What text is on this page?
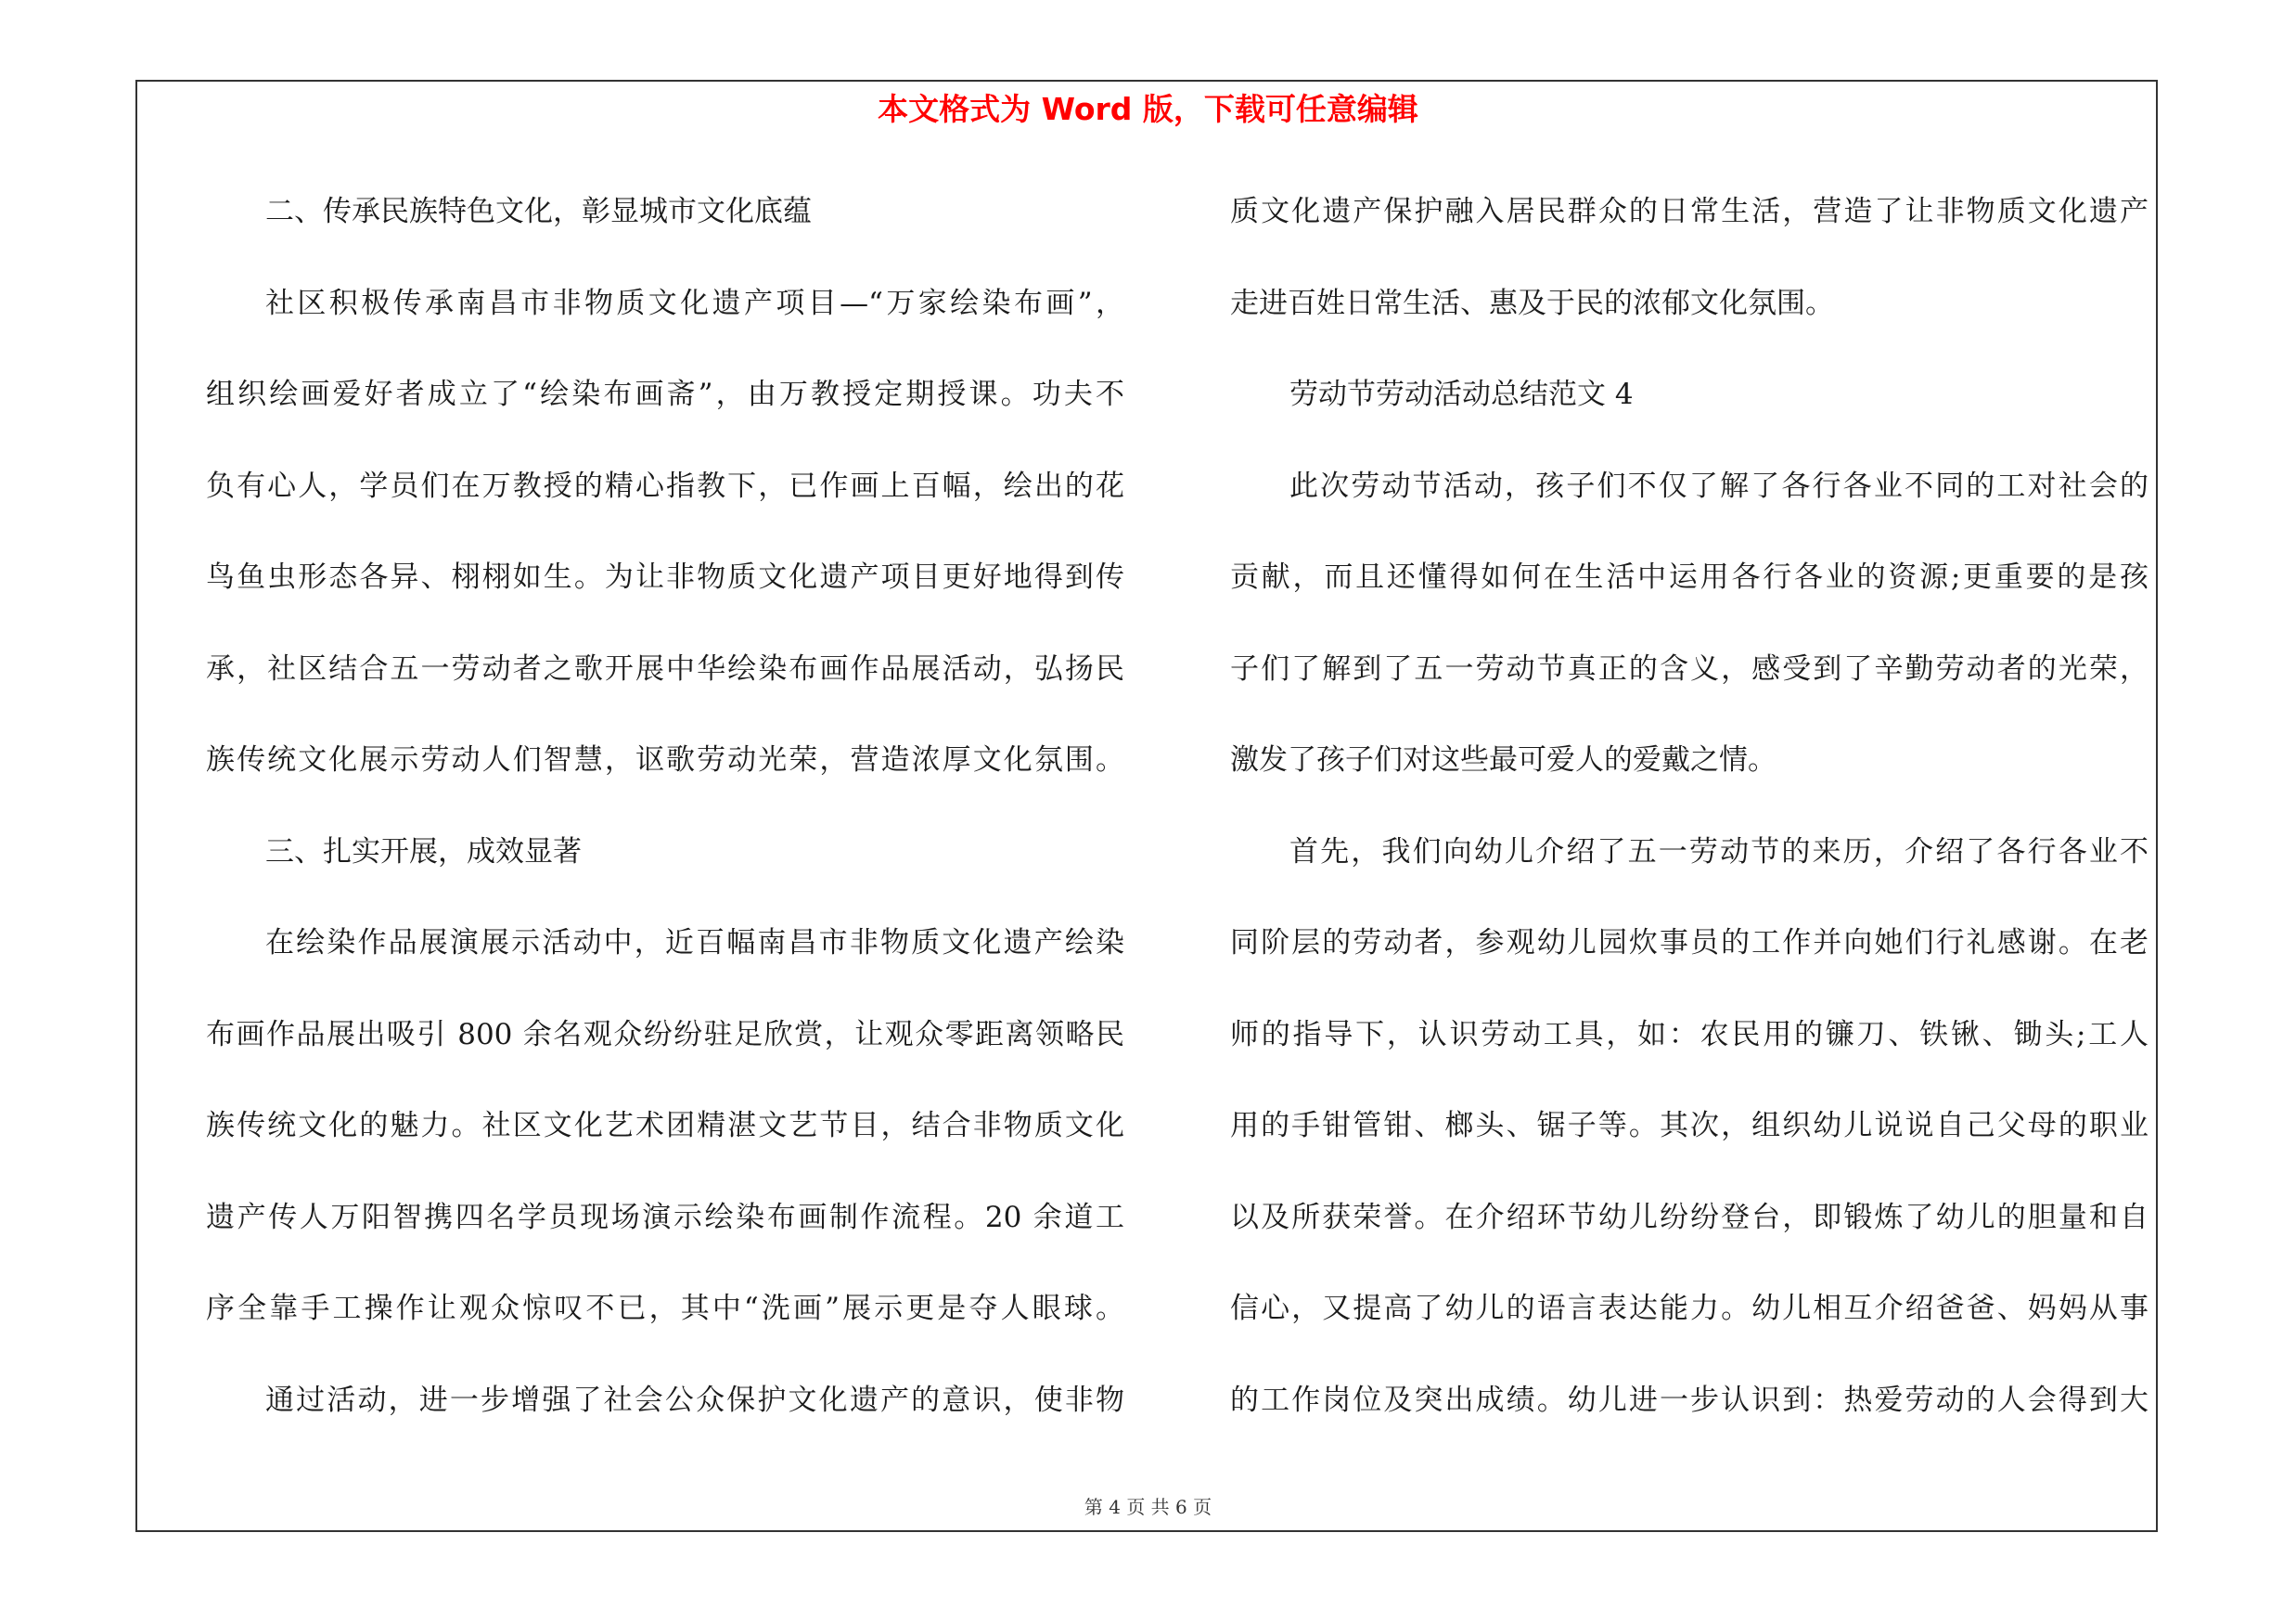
本文格式为 Word 版，下载可任意编辑
二、传承民族特色文化，彰显城市文化底蕴
社区积极传承南昌市非物质文化遗产项目—“万家绘染布画”，
组织绘画爱好者成立了“绘染布画斋”，由万教授定期授课。功夫不
负有心人，学员们在万教授的精心指教下，已作画上百幅，绘出的花
鸟鱼虫形态各异、栩栩如生。为让非物质文化遗产项目更好地得到传
承，社区结合五一劳动者之歌开展中华绘染布画作品展活动，弘扬民
族传统文化展示劳动人们智慧，讴歌劳动光荣，营造浓厚文化氛围。
三、扎实开展，成效显著
在绘染作品展演展示活动中，近百幅南昌市非物质文化遗产绘染
布画作品展出吸引 800 余名观众纷纷驻足欣赏，让观众零距离领略民
族传统文化的魅力。社区文化艺术团精湛文艺节目，结合非物质文化
遗产传人万阳智携四名学员现场演示绘染布画制作流程。20 余道工
序全靠手工操作让观众惊叹不已，其中“洗画”展示更是夺人眼球。
通过活动，进一步增强了社会公众保护文化遗产的意识，使非物
质文化遗产保护融入居民群众的日常生活，营造了让非物质文化遗产
走进百姓日常生活、惠及于民的浓郁文化氛围。
劳动节劳动活动总结范文 4
此次劳动节活动，孩子们不仅了解了各行各业不同的工对社会的
贡献，而且还懂得如何在生活中运用各行各业的资源;更重要的是孩
子们了解到了五一劳动节真正的含义，感受到了辛勤劳动者的光荣，
激发了孩子们对这些最可爱人的爱戴之情。
首先，我们向幼儿介绍了五一劳动节的来历，介绍了各行各业不
同阶层的劳动者，参观幼儿园炊事员的工作并向她们行礼感谢。在老
师的指导下，认识劳动工具，如：农民用的镰刀、铁锹、锄头;工人
用的手钳管钳、榔头、锯子等。其次，组织幼儿说说自己父母的职业
以及所获荣誉。在介绍环节幼儿纷纷登台，即锻炼了幼儿的胆量和自
信心，又提高了幼儿的语言表达能力。幼儿相互介绍爸爸、妈妈从事
的工作岗位及突出成绩。幼儿进一步认识到：热爱劳动的人会得到大
第 4 页 共 6 页
